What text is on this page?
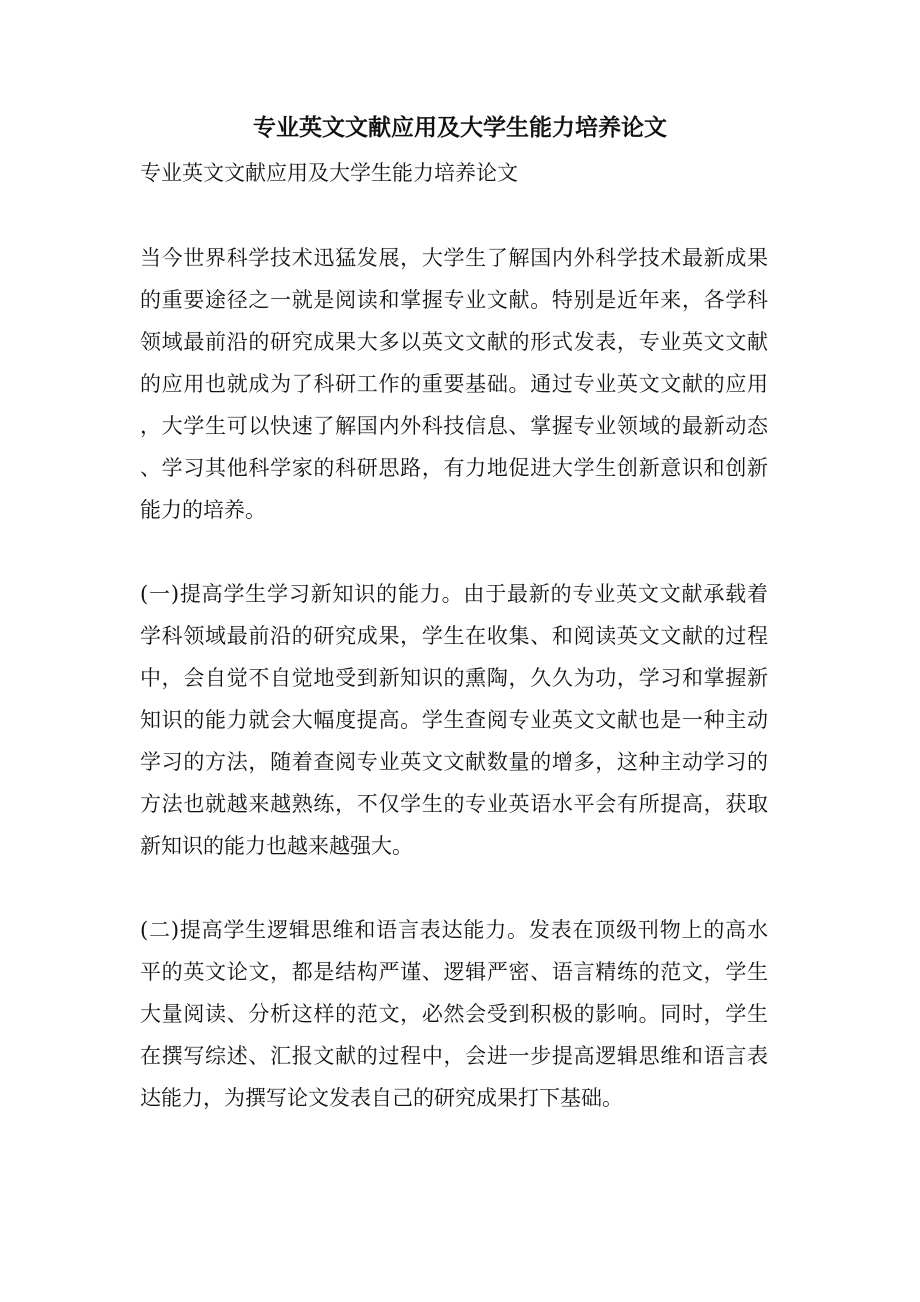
专业英文文献应用及大学生能力培养论文
专业英文文献应用及大学生能力培养论文
当今世界科学技术迅猛发展，大学生了解国内外科学技术最新成果
的重要途径之一就是阅读和掌握专业文献。特别是近年来，各学科
领域最前沿的研究成果大多以英文文献的形式发表，专业英文文献
的应用也就成为了科研工作的重要基础。通过专业英文文献的应用
，大学生可以快速了解国内外科技信息、掌握专业领域的最新动态
、学习其他科学家的科研思路，有力地促进大学生创新意识和创新
能力的培养。
(一)提高学生学习新知识的能力。由于最新的专业英文文献承载着
学科领域最前沿的研究成果，学生在收集、和阅读英文文献的过程
中，会自觉不自觉地受到新知识的熏陶，久久为功，学习和掌握新
知识的能力就会大幅度提高。学生查阅专业英文文献也是一种主动
学习的方法，随着查阅专业英文文献数量的增多，这种主动学习的
方法也就越来越熟练，不仅学生的专业英语水平会有所提高，获取
新知识的能力也越来越强大。
(二)提高学生逻辑思维和语言表达能力。发表在顶级刊物上的高水
平的英文论文，都是结构严谨、逻辑严密、语言精练的范文，学生
大量阅读、分析这样的范文，必然会受到积极的影响。同时，学生
在撰写综述、汇报文献的过程中，会进一步提高逻辑思维和语言表
达能力，为撰写论文发表自己的研究成果打下基础。
